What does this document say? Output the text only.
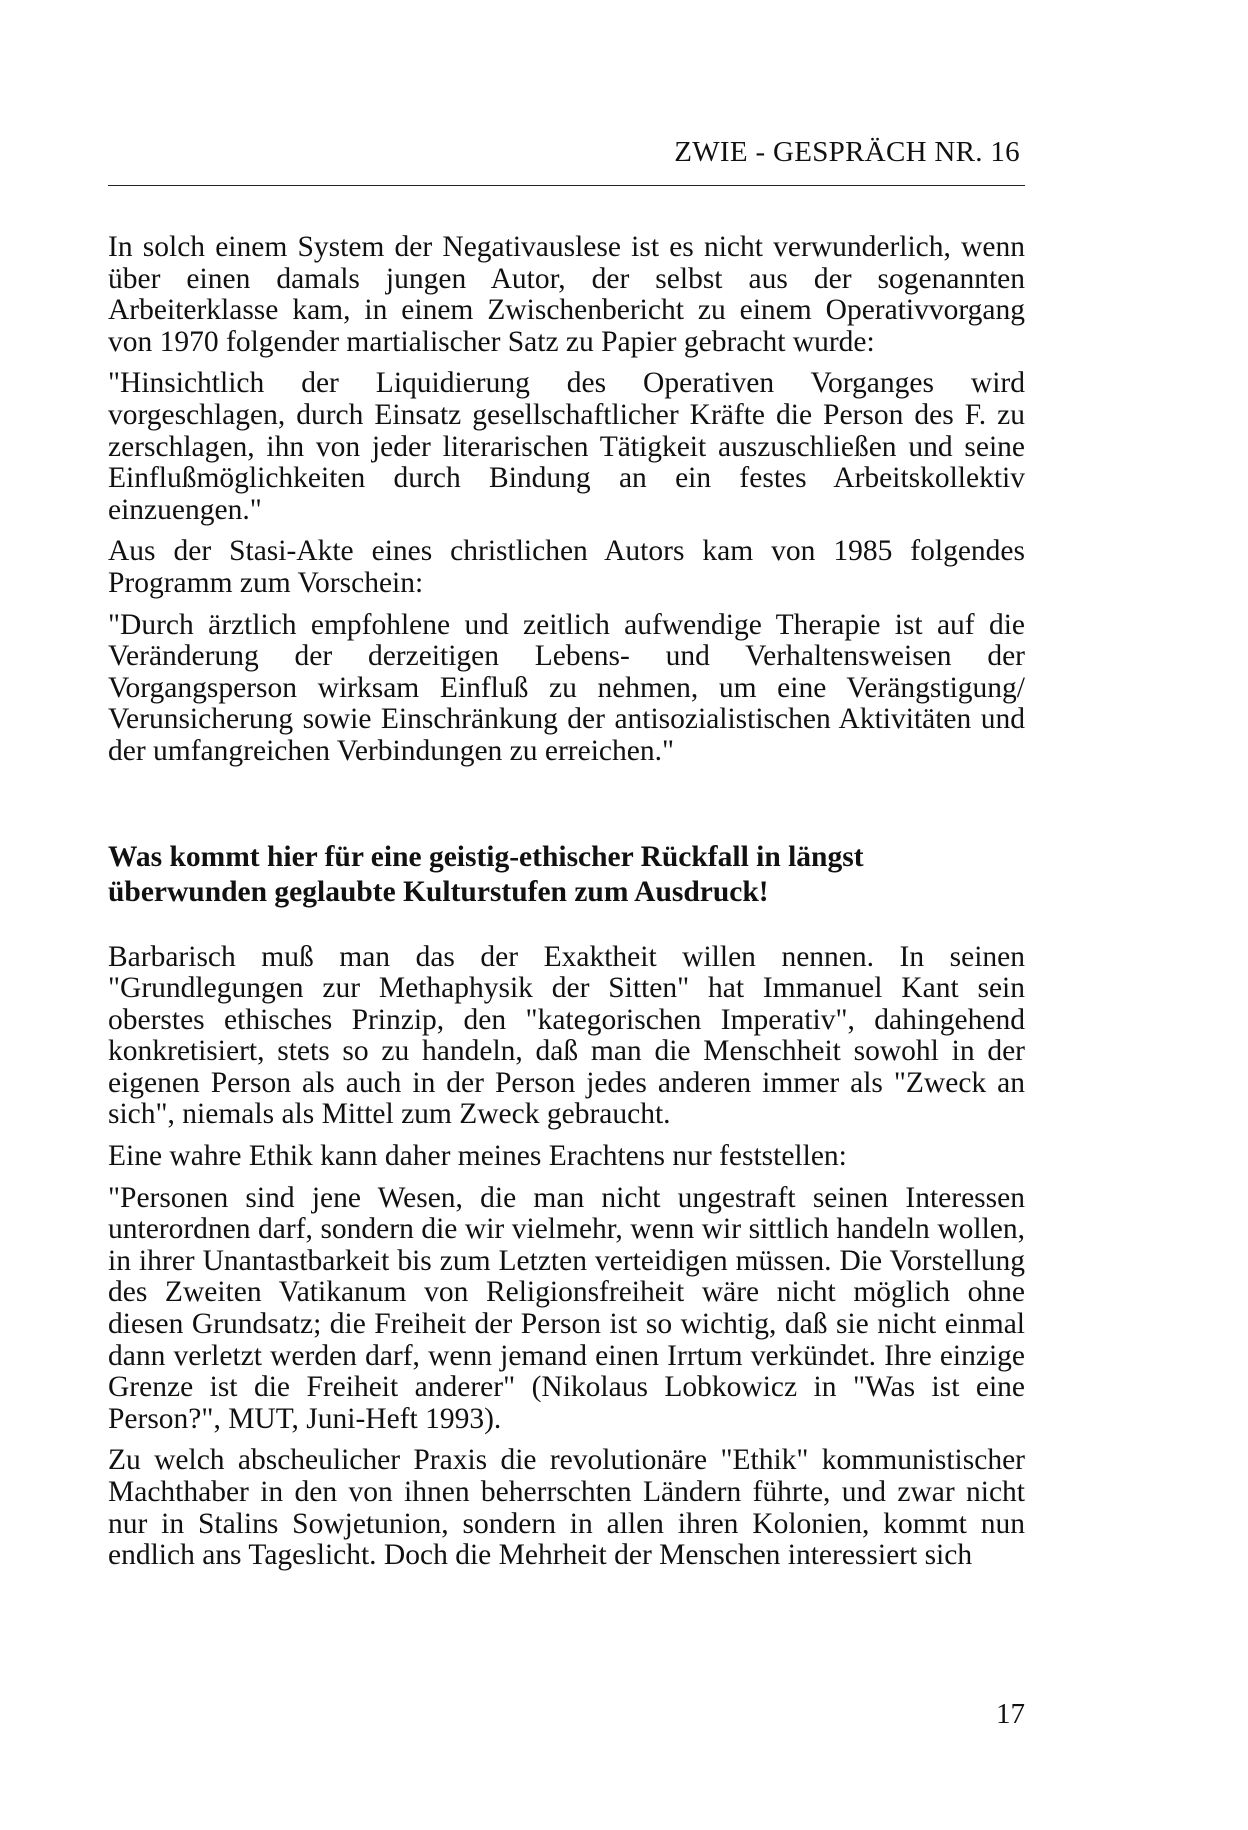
ZWIE - GESPRÄCH NR. 16

In solch einem System der Negativauslese ist es nicht verwunderlich, wenn über einen damals jungen Autor, der selbst aus der sogenannten Arbeiterklasse kam, in einem Zwischenbericht zu einem Operativvorgang von 1970 folgender martialischer Satz zu Papier gebracht wurde:

"Hinsichtlich der Liquidierung des Operativen Vorganges wird vorgeschlagen, durch Einsatz gesellschaftlicher Kräfte die Person des F. zu zerschlagen, ihn von jeder literarischen Tätigkeit auszuschließen und seine Einflußmöglichkeiten durch Bindung an ein festes Arbeitskollektiv einzuengen."

Aus der Stasi-Akte eines christlichen Autors kam von 1985 folgendes Programm zum Vorschein:

"Durch ärztlich empfohlene und zeitlich aufwendige Therapie ist auf die Veränderung der derzeitigen Lebens- und Verhaltensweisen der Vorgangsperson wirksam Einfluß zu nehmen, um eine Verängstigung/ Verunsicherung sowie Einschränkung der antisozialistischen Aktivitäten und der umfangreichen Verbindungen zu erreichen."

Was kommt hier für eine geistig-ethischer Rückfall in längst überwunden geglaubte Kulturstufen zum Ausdruck!

Barbarisch muß man das der Exaktheit willen nennen. In seinen "Grundlegungen zur Methaphysik der Sitten" hat Immanuel Kant sein oberstes ethisches Prinzip, den "kategorischen Imperativ", dahingehend konkretisiert, stets so zu handeln, daß man die Menschheit sowohl in der eigenen Person als auch in der Person jedes anderen immer als "Zweck an sich", niemals als Mittel zum Zweck gebraucht.

Eine wahre Ethik kann daher meines Erachtens nur feststellen:

"Personen sind jene Wesen, die man nicht ungestraft seinen Interessen unterordnen darf, sondern die wir vielmehr, wenn wir sittlich handeln wollen, in ihrer Unantastbarkeit bis zum Letzten verteidigen müssen. Die Vorstellung des Zweiten Vatikanum von Religionsfreiheit wäre nicht möglich ohne diesen Grundsatz; die Freiheit der Person ist so wichtig, daß sie nicht einmal dann verletzt werden darf, wenn jemand einen Irrtum verkündet. Ihre einzige Grenze ist die Freiheit anderer" (Nikolaus Lobkowicz in "Was ist eine Person?", MUT, Juni-Heft 1993).

Zu welch abscheulicher Praxis die revolutionäre "Ethik" kommunistischer Machthaber in den von ihnen beherrschten Ländern führte, und zwar nicht nur in Stalins Sowjetunion, sondern in allen ihren Kolonien, kommt nun endlich ans Tageslicht. Doch die Mehrheit der Menschen interessiert sich

17
